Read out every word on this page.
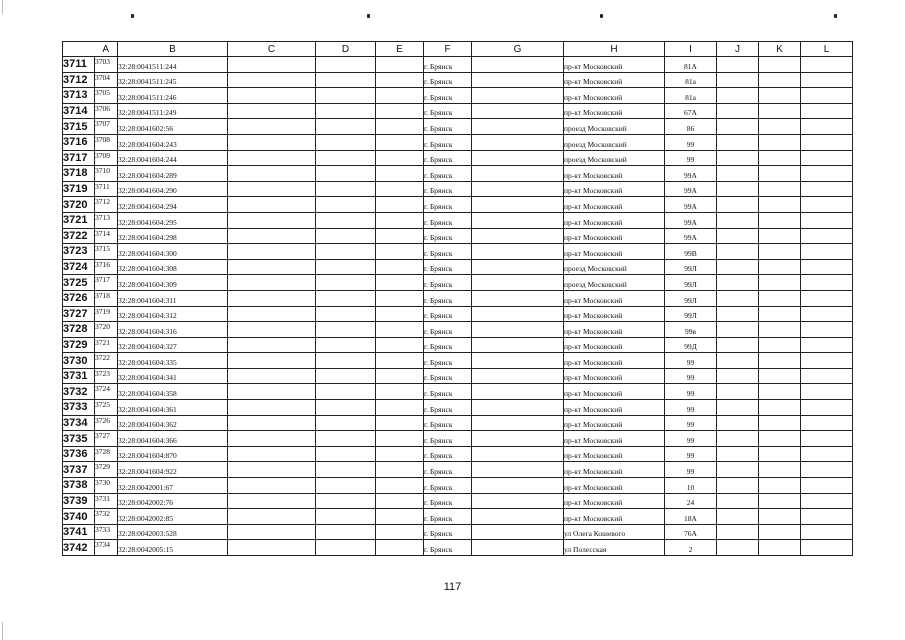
	A	B	C	D	E	F	G	H	I	J	K	L
3711	3703	32:28:0041511:244				г. Брянск		пр-кт Московский	81А			
3712	3704	32:28:0041511:245				г. Брянск		пр-кт Московский	81а			
3713	3705	32:28:0041511:246				г. Брянск		пр-кт Московский	81а			
3714	3706	32:28:0041511:249				г. Брянск		пр-кт Московский	67А			
3715	3707	32:28:0041602:56				г. Брянск		проезд Московский	86			
3716	3708	32:28:0041604:243				г. Брянск		проезд Московский	99			
3717	3709	32:28:0041604:244				г. Брянск		проезд Московский	99			
3718	3710	32:28:0041604:289				г. Брянск		пр-кт Московский	99А			
3719	3711	32:28:0041604:290				г. Брянск		пр-кт Московский	99А			
3720	3712	32:28:0041604:294				г. Брянск		пр-кт Московский	99А			
3721	3713	32:28:0041604:295				г. Брянск		пр-кт Московский	99А			
3722	3714	32:28:0041604:298				г. Брянск		пр-кт Московский	99А			
3723	3715	32:28:0041604:300				г. Брянск		пр-кт Московский	99В			
3724	3716	32:28:0041604:308				г. Брянск		проезд Московский	99Л			
3725	3717	32:28:0041604:309				г. Брянск		проезд Московский	99Л			
3726	3718	32:28:0041604:311				г. Брянск		пр-кт Московский	99Л			
3727	3719	32:28:0041604:312				г. Брянск		пр-кт Московский	99Л			
3728	3720	32:28:0041604:316				г. Брянск		пр-кт Московский	99в			
3729	3721	32:28:0041604:327				г. Брянск		пр-кт Московский	99Д			
3730	3722	32:28:0041604:335				г. Брянск		пр-кт Московский	99			
3731	3723	32:28:0041604:341				г. Брянск		пр-кт Московский	99			
3732	3724	32:28:0041604:358				г. Брянск		пр-кт Московский	99			
3733	3725	32:28:0041604:361				г. Брянск		пр-кт Московский	99			
3734	3726	32:28:0041604:362				г. Брянск		пр-кт Московский	99			
3735	3727	32:28:0041604:366				г. Брянск		пр-кт Московский	99			
3736	3728	32:28:0041604:870				г. Брянск		пр-кт Московский	99			
3737	3729	32:28:0041604:922				г. Брянск		пр-кт Московский	99			
3738	3730	32:28:0042001:67				г. Брянск		пр-кт Московский	10			
3739	3731	32:28:0042002:76				г. Брянск		пр-кт Московский	24			
3740	3732	32:28:0042002:85				г. Брянск		пр-кт Московский	18А			
3741	3733	32:28:0042003:528				г. Брянск		ул Олега Кошевого	76А			
3742	3734	32:28:0042005:15				г. Брянск		ул Полесская	2			
117
